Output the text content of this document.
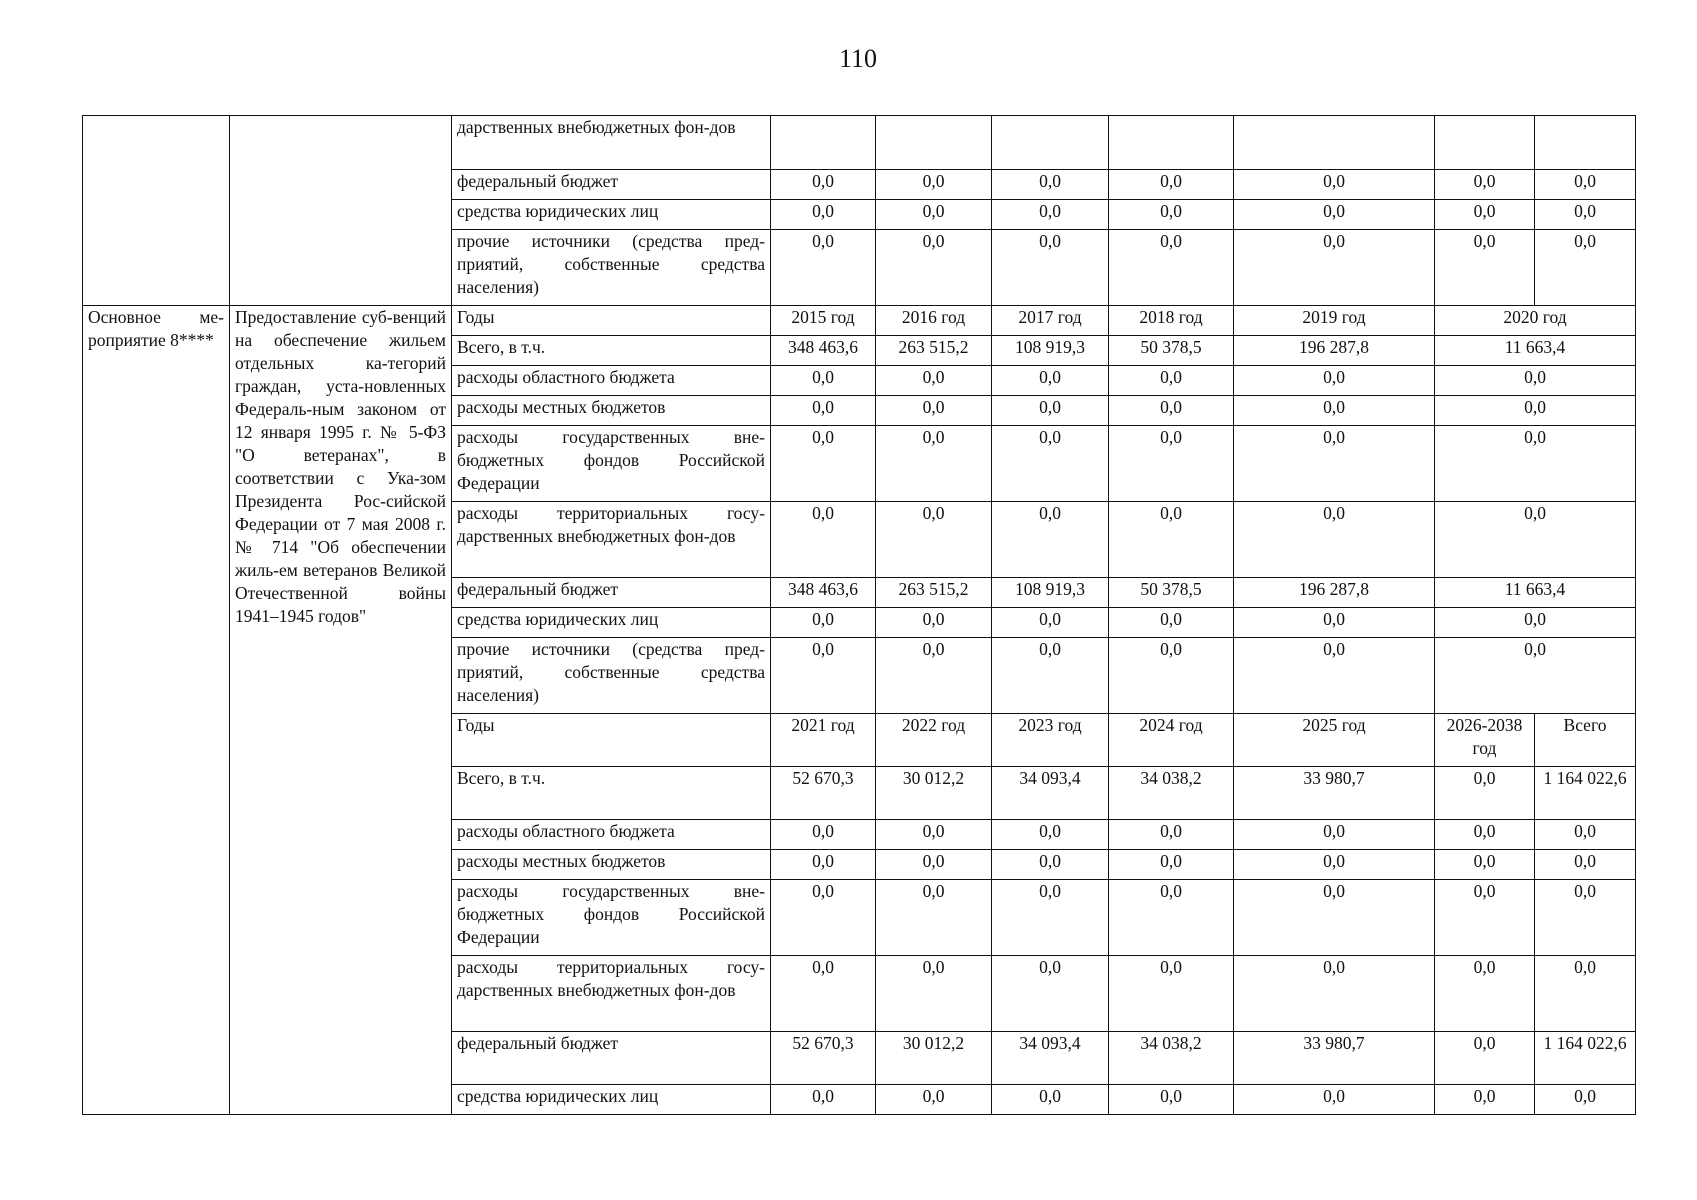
110
		дарственных внебюджетных фон-дов							
		федеральный бюджет	0,0	0,0	0,0	0,0	0,0	0,0	0,0
		средства юридических лиц	0,0	0,0	0,0	0,0	0,0	0,0	0,0
		прочие источники (средства пред-приятий, собственные средства населения)	0,0	0,0	0,0	0,0	0,0	0,0	0,0
Основное ме-роприятие 8****	Предоставление суб-венций на обеспечение жильем отдельных ка-тегорий граждан, уста-новленных Федераль-ным законом от 12 января 1995 г. № 5-ФЗ "О ветеранах", в соответствии с Ука-зом Президента Рос-сийской Федерации от 7 мая 2008 г. № 714 "Об обеспечении жиль-ем ветеранов Великой Отечественной войны 1941–1945 годов"	Годы	2015 год	2016 год	2017 год	2018 год	2019 год	2020 год	
		Всего, в т.ч.	348 463,6	263 515,2	108 919,3	50 378,5	196 287,8	11 663,4	
		расходы областного бюджета	0,0	0,0	0,0	0,0	0,0	0,0	
		расходы местных бюджетов	0,0	0,0	0,0	0,0	0,0	0,0	
		расходы государственных вне-бюджетных фондов Российской Федерации	0,0	0,0	0,0	0,0	0,0	0,0	
		расходы территориальных госу-дарственных внебюджетных фон-дов	0,0	0,0	0,0	0,0	0,0	0,0	
		федеральный бюджет	348 463,6	263 515,2	108 919,3	50 378,5	196 287,8	11 663,4	
		средства юридических лиц	0,0	0,0	0,0	0,0	0,0	0,0	
		прочие источники (средства пред-приятий, собственные средства населения)	0,0	0,0	0,0	0,0	0,0	0,0	
		Годы	2021 год	2022 год	2023 год	2024 год	2025 год	2026-2038 год	Всего
		Всего, в т.ч.	52 670,3	30 012,2	34 093,4	34 038,2	33 980,7	0,0	1 164 022,6
		расходы областного бюджета	0,0	0,0	0,0	0,0	0,0	0,0	0,0
		расходы местных бюджетов	0,0	0,0	0,0	0,0	0,0	0,0	0,0
		расходы государственных вне-бюджетных фондов Российской Федерации	0,0	0,0	0,0	0,0	0,0	0,0	0,0
		расходы территориальных госу-дарственных внебюджетных фон-дов	0,0	0,0	0,0	0,0	0,0	0,0	0,0
		федеральный бюджет	52 670,3	30 012,2	34 093,4	34 038,2	33 980,7	0,0	1 164 022,6
		средства юридических лиц	0,0	0,0	0,0	0,0	0,0	0,0	0,0
